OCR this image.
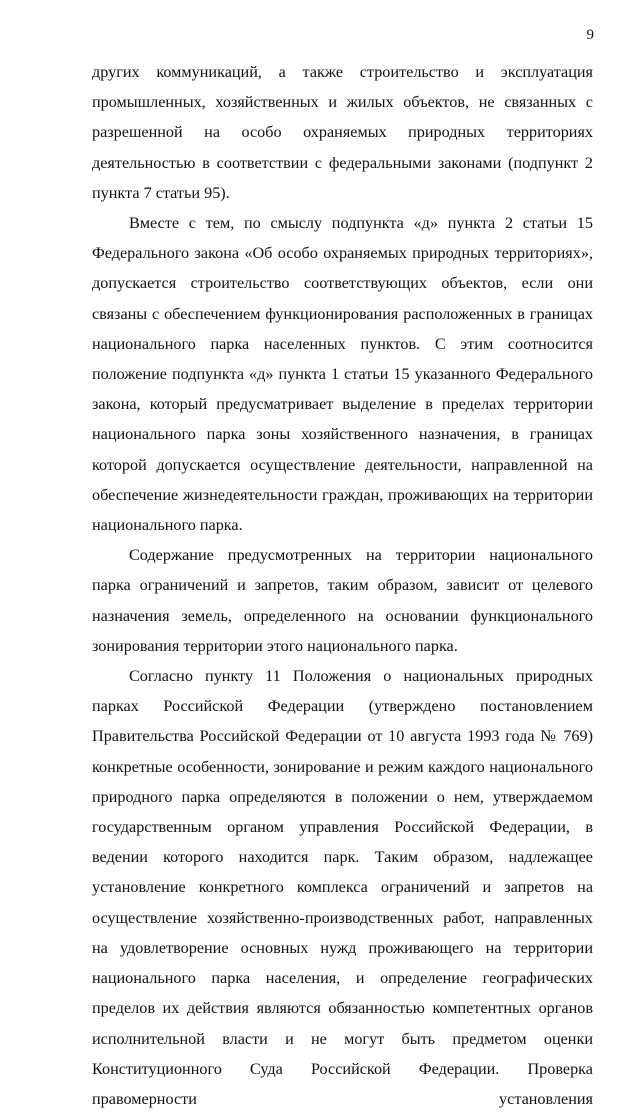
9

других коммуникаций, а также строительство и эксплуатация промышленных, хозяйственных и жилых объектов, не связанных с разрешенной на особо охраняемых природных территориях деятельностью в соответствии с федеральными законами (подпункт 2 пункта 7 статьи 95).

Вместе с тем, по смыслу подпункта «д» пункта 2 статьи 15 Федерального закона «Об особо охраняемых природных территориях», допускается строительство соответствующих объектов, если они связаны с обеспечением функционирования расположенных в границах национального парка населенных пунктов. С этим соотносится положение подпункта «д» пункта 1 статьи 15 указанного Федерального закона, который предусматривает выделение в пределах территории национального парка зоны хозяйственного назначения, в границах которой допускается осуществление деятельности, направленной на обеспечение жизнедеятельности граждан, проживающих на территории национального парка.

Содержание предусмотренных на территории национального парка ограничений и запретов, таким образом, зависит от целевого назначения земель, определенного на основании функционального зонирования территории этого национального парка.

Согласно пункту 11 Положения о национальных природных парках Российской Федерации (утверждено постановлением Правительства Российской Федерации от 10 августа 1993 года № 769) конкретные особенности, зонирование и режим каждого национального природного парка определяются в положении о нем, утверждаемом государственным органом управления Российской Федерации, в ведении которого находится парк. Таким образом, надлежащее установление конкретного комплекса ограничений и запретов на осуществление хозяйственно-производственных работ, направленных на удовлетворение основных нужд проживающего на территории национального парка населения, и определение географических пределов их действия являются обязанностью компетентных органов исполнительной власти и не могут быть предметом оценки Конституционного Суда Российской Федерации. Проверка правомерности установления
